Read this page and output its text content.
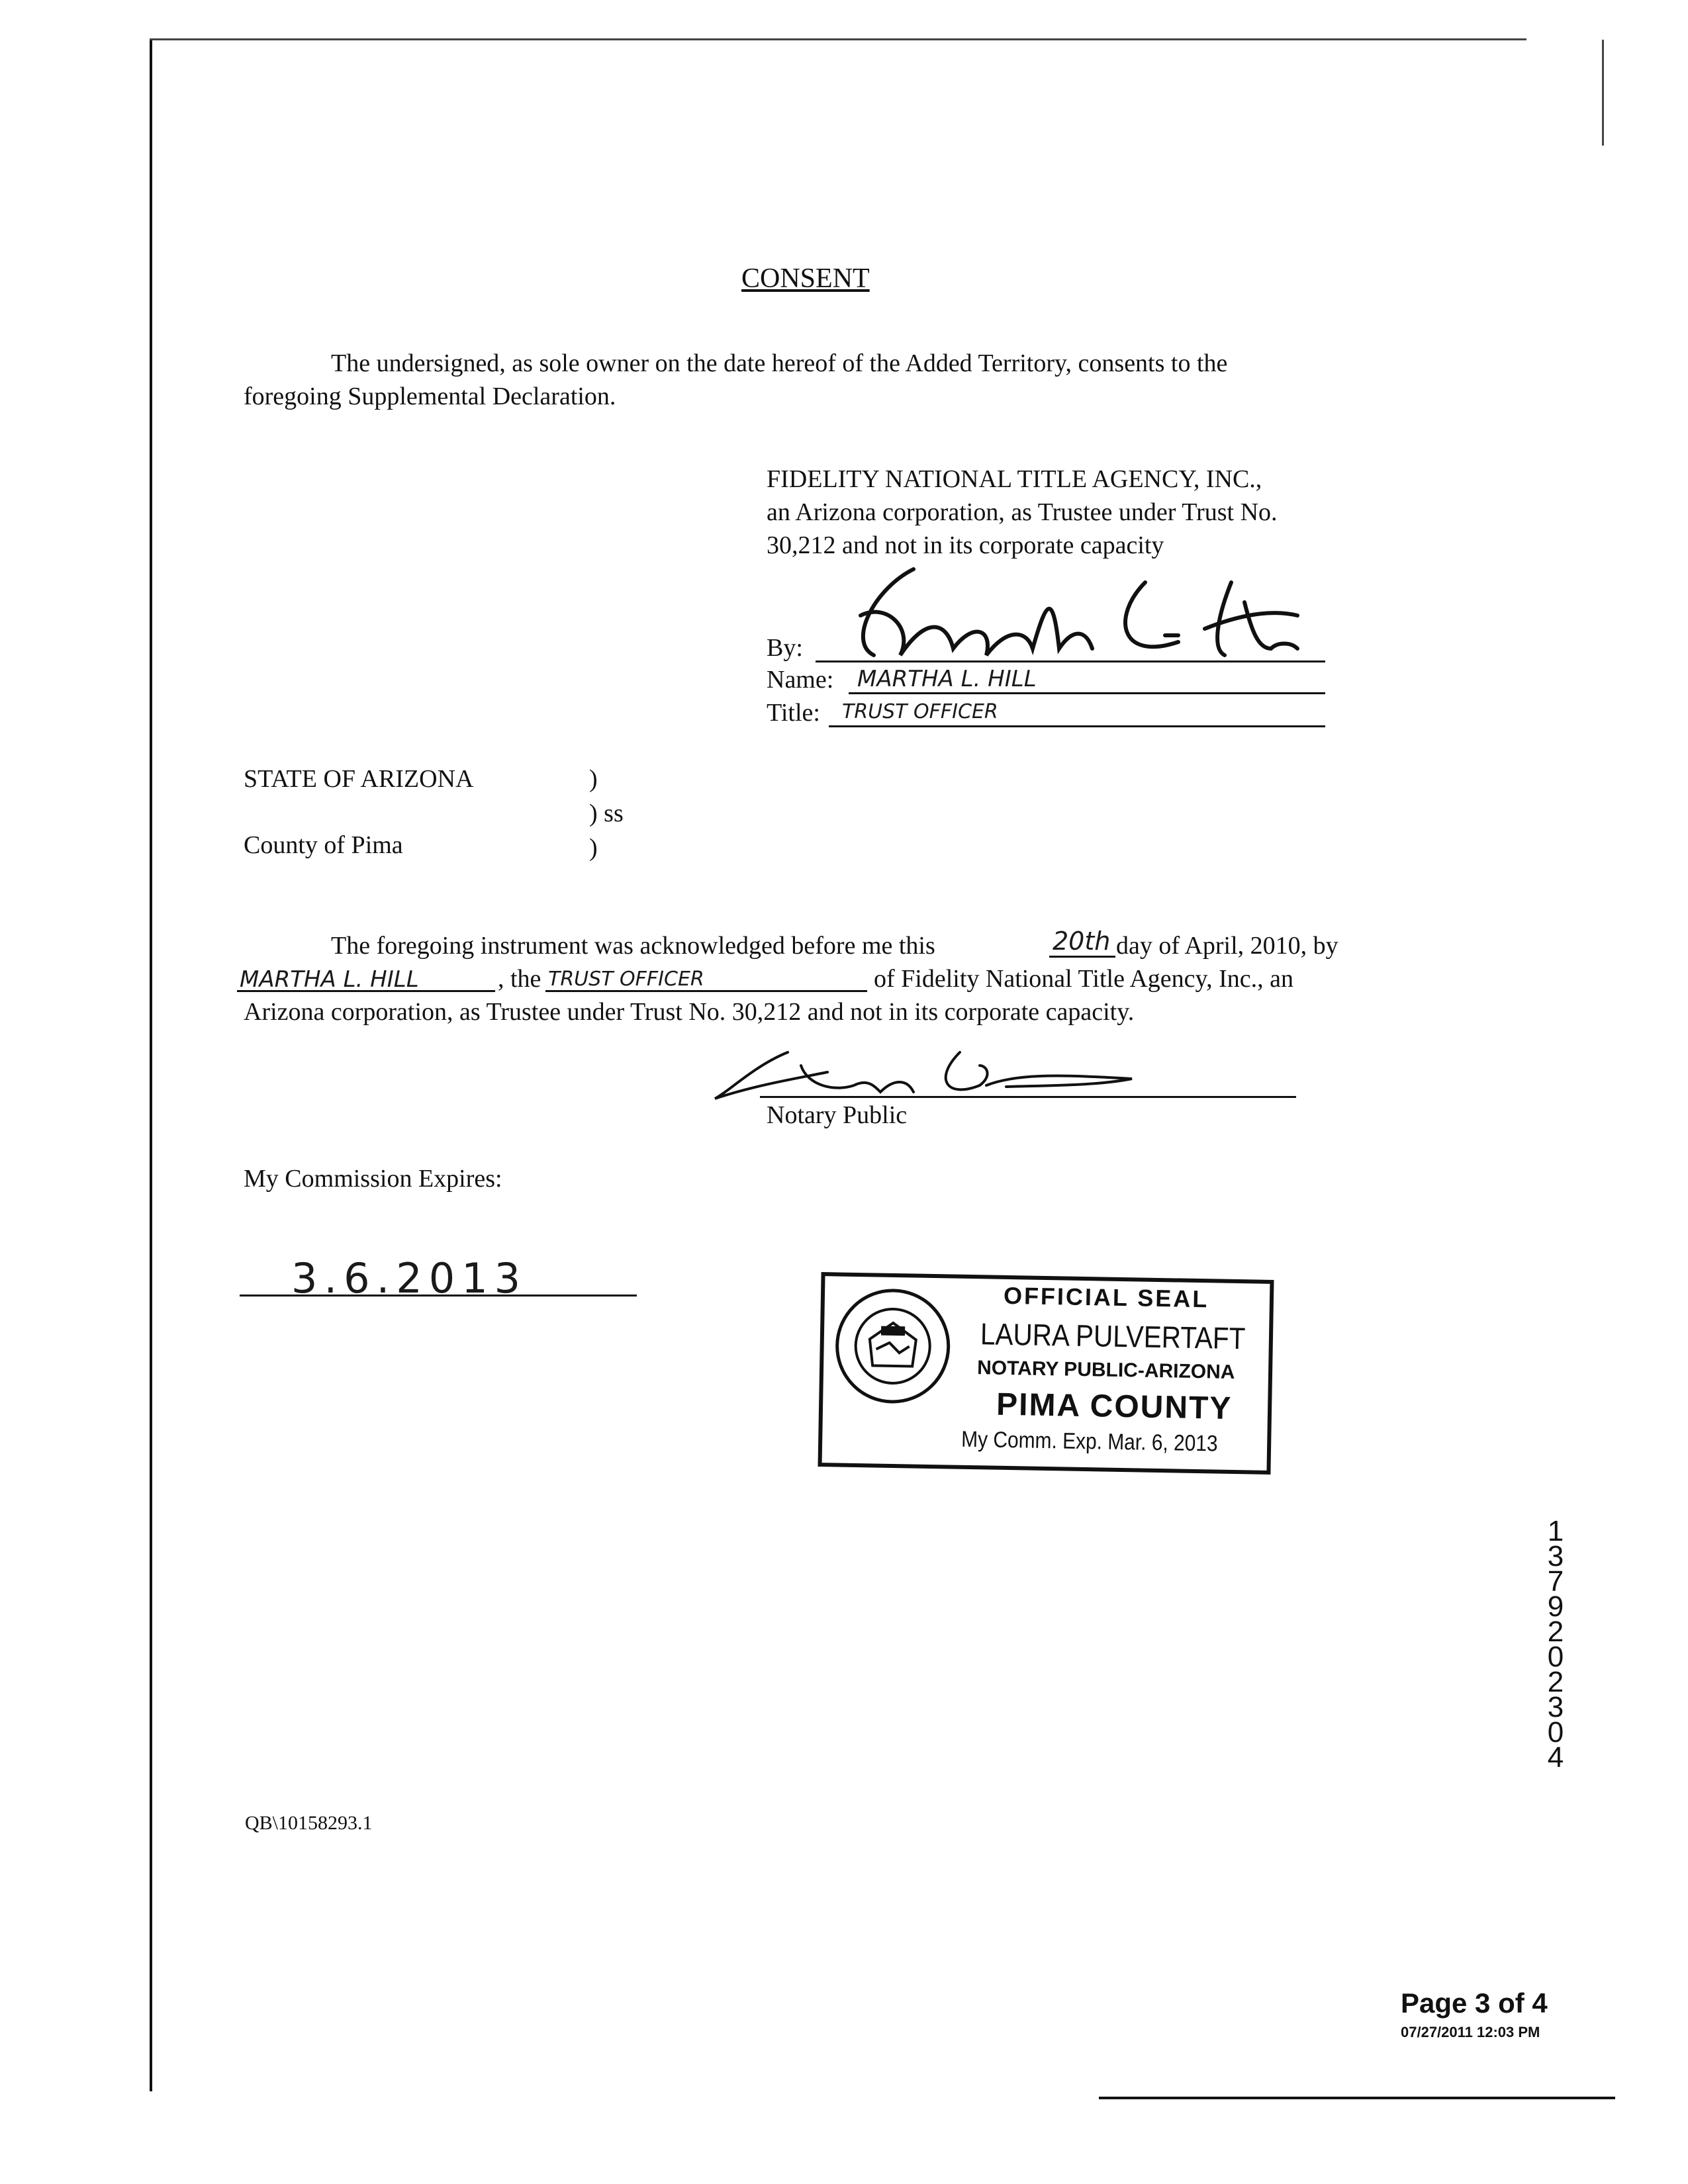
CONSENT
The undersigned, as sole owner on the date hereof of the Added Territory, consents to the
foregoing Supplemental Declaration.
FIDELITY NATIONAL TITLE AGENCY, INC.,
an Arizona corporation, as Trustee under Trust No.
30,212 and not in its corporate capacity
By:
Name: MARTHA L. HILL
Title: TRUST OFFICER
STATE OF ARIZONA	)
) ss
County of Pima	)
The foregoing instrument was acknowledged before me this	20th day of April, 2010, by
MARTHA L. HILL	, the TRUST OFFICER	of Fidelity National Title Agency, Inc., an
Arizona corporation, as Trustee under Trust No. 30,212 and not in its corporate capacity.
Notary Public
My Commission Expires:
3.6.2013	OFFICIAL SEAL
LAURA PULVERTAFT
NOTARY PUBLIC-ARIZONA
PIMA COUNTY
My Comm. Exp. Mar. 6, 2013
13792 02304
QB\10158293.1
Page 3 of 4
07/27/2011 12:03 PM
